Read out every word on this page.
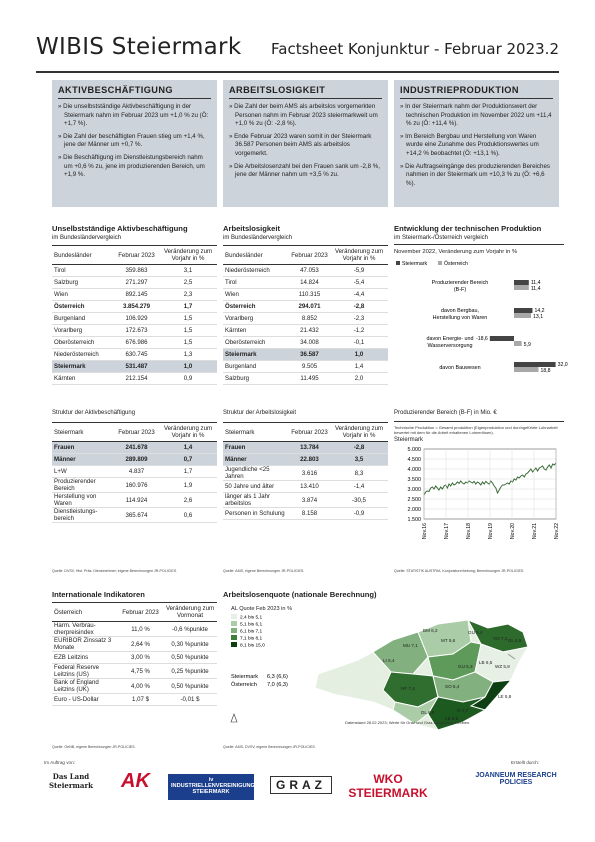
WIBIS Steiermark Factsheet Konjunktur - Februar 2023.2
AKTIVBESCHÄFTIGUNG

» Die unselbstständige Aktivbeschäftigung in der Steiermark nahm im Februar 2023 um +1,0 % zu (Ö: +1,7 %).

» Die Zahl der beschäftigten Frauen stieg um +1,4 %, jene der Männer um +0,7 %.

» Die Beschäftigung im Dienstleistungsbereich nahm um +0,6 % zu, jene im produzierenden Bereich, um +1,9 %.

ARBEITSLOSIGKEIT

» Die Zahl der beim AMS als arbeitslos vorgemerkten Personen nahm im Februar 2023 steiermarkweit um +1,0 % zu (Ö: -2,8 %).

» Ende Februar 2023 waren somit in der Steiermark 36.587 Personen beim AMS als arbeitslos vorgemerkt.

» Die Arbeitslosenzahl bei den Frauen sank um -2,8 %, jene der Männer nahm um +3,5 % zu.

INDUSTRIEPRODUKTION

» In der Steiermark nahm der Produktionswert der technischen Produktion im November 2022 um +11,4 % zu (Ö: +11,4 %).

» Im Bereich Bergbau und Herstellung von Waren wurde eine Zunahme des Produktionswertes um +14,2 % beobachtet (Ö: +13,1 %).

» Die Auftragseingänge des produzierenden Bereiches nahmen in der Steiermark um +10,3 % zu (Ö: +6,6 %).

Unselbstständige Aktivbeschäftigung
im Bundesländervergleich
Bundesländer	Februar 2023	Veränderung zum Vorjahr in %
Tirol	359.863	3,1
Salzburg	271.297	2,5
Wien	892.145	2,3
Österreich	3.854.279	1,7
Burgenland	106.929	1,5
Vorarlberg	172.673	1,5
Oberösterreich	676.986	1,5
Niederösterreich	630.745	1,3
Steiermark	531.487	1,0
Kärnten	212.154	0,9
Struktur der Aktivbeschäftigung
Steiermark	Februar 2023	Veränderung zum Vorjahr in %
Frauen	241.678	1,4
Männer	289.809	0,7
L+W	4.837	1,7
Produzierender Bereich	160.976	1,9
Herstellung von Waren	114.924	2,6
Dienstleistungs-bereich	365.674	0,6
Quelle: DVSV, Hist. Präs. Dienstnehmer; eigene Berechnungen JR-POLICIES.
Internationale Indikatoren
Österreich	Februar 2023	Veränderung zum Vormonat
Harm. Verbrau-cherpreisindex	11,0 %	-0,6 %punkte
EURIBOR Zinssatz 3 Monate	2,64 %	0,30 %punkte
EZB Leitzins	3,00 %	0,50 %punkte
Federal Reserve Leitzins (US)	4,75 %	0,25 %punkte
Bank of England Leitzins (UK)	4,00 %	0,50 %punkte
Euro - US-Dollar	1,07 $	-0,01 $
Quelle: OeNB, eigene Berechnungen JR-POLICIES.
Arbeitslosigkeit
im Bundesländervergleich
Bundesländer	Februar 2023	Veränderung zum Vorjahr in %
Niederösterreich	47.053	-5,9
Tirol	14.824	-5,4
Wien	110.315	-4,4
Österreich	294.071	-2,8
Vorarlberg	8.852	-2,3
Kärnten	21.432	-1,2
Oberösterreich	34.008	-0,1
Steiermark	36.587	1,0
Burgenland	9.505	1,4
Salzburg	11.495	2,0
Struktur der Arbeitslosigkeit
Steiermark	Februar 2023	Veränderung zum Vorjahr in %
Frauen	13.784	-2,8
Männer	22.803	3,5
Jugendliche <25 Jahren	3.616	8,3
50 Jahre und älter	13.410	-1,4
länger als 1 Jahr arbeitslos	3.874	-30,5
Personen in Schulung	8.158	-0,9
Quelle: AMS, eigene Berechnungen JR-POLICIES.
Arbeitslosenquote (nationale Berechnung)
LI 5,4
MU 7,1
MT 5,6
BM 6,2	GU 6,4
VO 7,2 DL 6,5
LB 6,5
GU 5,3	WZ 5,8
HF 7,4	SO 6,4
LE 5,8
G 7,7
DL 6,0
LB 6,5
AL Quote Feb 2023 in %
2,4 bis 5,1
5,1 bis 6,1
6,1 bis 7,1
7,1 bis 8,1
8,1 bis 15,0
Steiermark 6,3 (6,6)
Österreich 7,0 (6,3)
Datenstand 28.02.2023; Werte für Graz und Graz-Umgebung erhoben.
Quelle: AMS, DVSV, eigene Berechnungen JR-POLICIES.
Entwicklung der technischen Produktion
im Steiermark-/Österreich vergleich
November 2022, Veränderung zum Vorjahr in %
Steiermark	Österreich
Produzierender Bereich (B-F)
11,4
11,4
davon Bergbau, Herstellung von Waren
14,2
13,1
davon Energie- und Wasserversorgung
-18,6
5,9
davon Bauwesen	32,0
18,8
Produzierender Bereich (B-F) in Mio. €
Technische Produktion = Gesamt produktion (Eigenproduktion und durchgeführte Lohnarbeit bewertet mit dem für die Arbeit erhaltenen Lohnerlösen).
Steiermark
5.000
4.500
4.000
3.500
3.000
2.500
2.000
1.500
Nov.16	Nov.17	Nov.18	Nov.19	Nov.20	Nov.21	Nov.22
Quelle: STATISTIK AUSTRIA, Konjunkturerhebung; Berechnungen JR-POLICIES.
Im Auftrag von:	Erstellt durch:
Das Land Steiermark	AK	iv INDUSTRIELLENVEREINIGUNG STEIERMARK	GRAZ	WKO STEIERMARK
JOANNEUM RESEARCH POLICIES
